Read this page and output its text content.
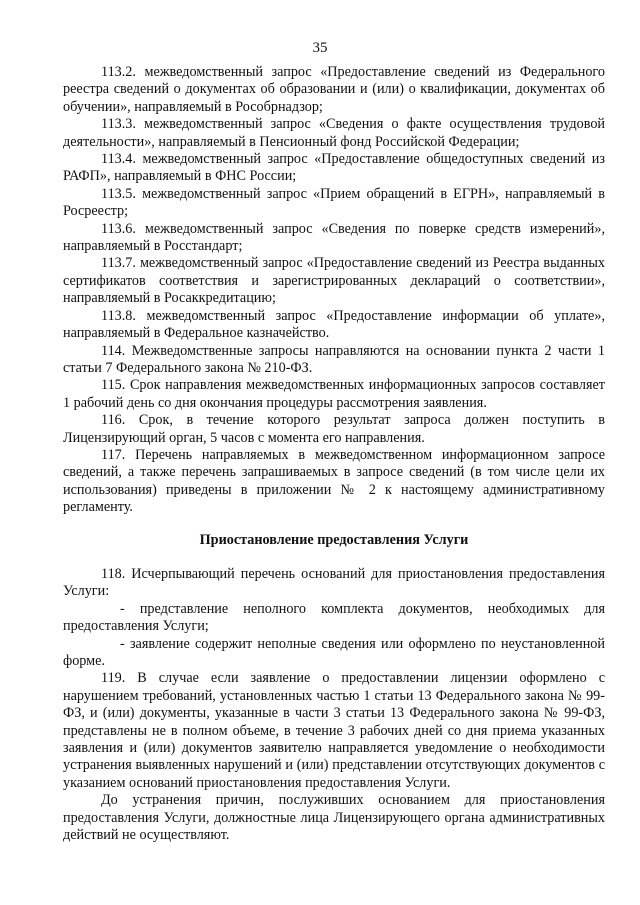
35

113.2. межведомственный запрос «Предоставление сведений из Федерального реестра сведений о документах об образовании и (или) о квалификации, документах об обучении», направляемый в Рособрнадзор;

113.3. межведомственный запрос «Сведения о факте осуществления трудовой деятельности», направляемый в Пенсионный фонд Российской Федерации;

113.4. межведомственный запрос «Предоставление общедоступных сведений из РАФП», направляемый в ФНС России;

113.5. межведомственный запрос «Прием обращений в ЕГРН», направляемый в Росреестр;

113.6. межведомственный запрос «Сведения по поверке средств измерений», направляемый в Росстандарт;

113.7. межведомственный запрос «Предоставление сведений из Реестра выданных сертификатов соответствия и зарегистрированных деклараций о соответствии», направляемый в Росаккредитацию;

113.8. межведомственный запрос «Предоставление информации об уплате», направляемый в Федеральное казначейство.

114. Межведомственные запросы направляются на основании пункта 2 части 1 статьи 7 Федерального закона № 210-ФЗ.

115. Срок направления межведомственных информационных запросов составляет 1 рабочий день со дня окончания процедуры рассмотрения заявления.

116. Срок, в течение которого результат запроса должен поступить в Лицензирующий орган, 5 часов с момента его направления.

117. Перечень направляемых в межведомственном информационном запросе сведений, а также перечень запрашиваемых в запросе сведений (в том числе цели их использования) приведены в приложении № 2 к настоящему административному регламенту.

Приостановление предоставления Услуги

118. Исчерпывающий перечень оснований для приостановления предоставления Услуги:

- представление неполного комплекта документов, необходимых для предоставления Услуги;

- заявление содержит неполные сведения или оформлено по неустановленной форме.

119. В случае если заявление о предоставлении лицензии оформлено с нарушением требований, установленных частью 1 статьи 13 Федерального закона № 99-ФЗ, и (или) документы, указанные в части 3 статьи 13 Федерального закона № 99-ФЗ, представлены не в полном объеме, в течение 3 рабочих дней со дня приема указанных заявления и (или) документов заявителю направляется уведомление о необходимости устранения выявленных нарушений и (или) представлении отсутствующих документов с указанием оснований приостановления предоставления Услуги.

До устранения причин, послуживших основанием для приостановления предоставления Услуги, должностные лица Лицензирующего органа административных действий не осуществляют.
